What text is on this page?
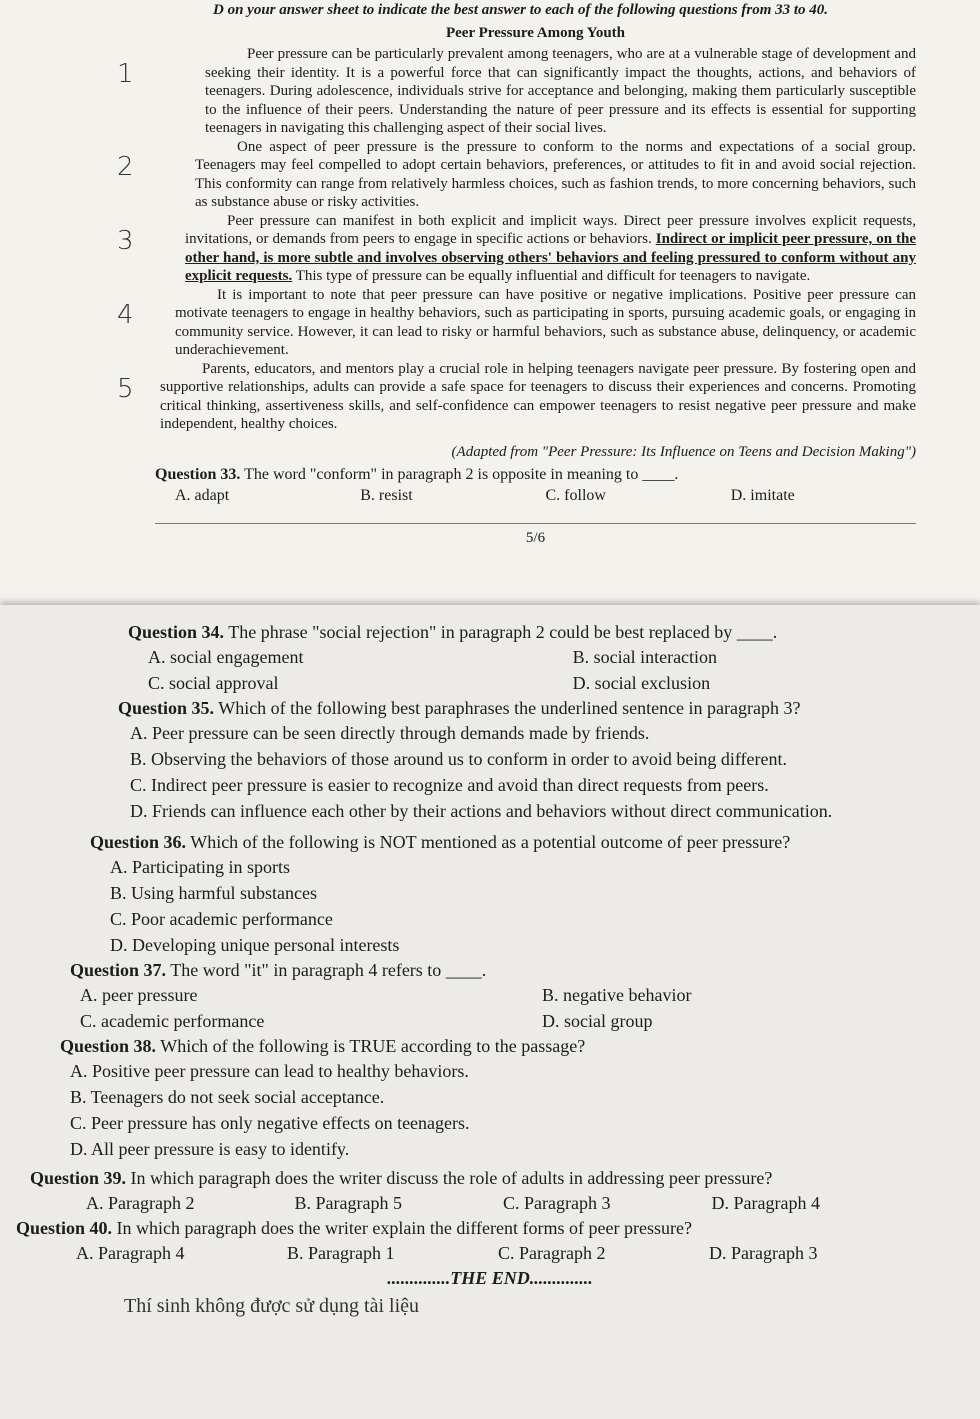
D on your answer sheet to indicate the best answer to each of the following questions from 33 to 40.

Peer Pressure Among Youth

1
Peer pressure can be particularly prevalent among teenagers, who are at a vulnerable stage of development and seeking their identity. It is a powerful force that can significantly impact the thoughts, actions, and behaviors of teenagers. During adolescence, individuals strive for acceptance and belonging, making them particularly susceptible to the influence of their peers. Understanding the nature of peer pressure and its effects is essential for supporting teenagers in navigating this challenging aspect of their social lives.

2
One aspect of peer pressure is the pressure to conform to the norms and expectations of a social group. Teenagers may feel compelled to adopt certain behaviors, preferences, or attitudes to fit in and avoid social rejection. This conformity can range from relatively harmless choices, such as fashion trends, to more concerning behaviors, such as substance abuse or risky activities.

3
Peer pressure can manifest in both explicit and implicit ways. Direct peer pressure involves explicit requests, invitations, or demands from peers to engage in specific actions or behaviors. Indirect or implicit peer pressure, on the other hand, is more subtle and involves observing others' behaviors and feeling pressured to conform without any explicit requests. This type of pressure can be equally influential and difficult for teenagers to navigate.

4
It is important to note that peer pressure can have positive or negative implications. Positive peer pressure can motivate teenagers to engage in healthy behaviors, such as participating in sports, pursuing academic goals, or engaging in community service. However, it can lead to risky or harmful behaviors, such as substance abuse, delinquency, or academic underachievement.

5
Parents, educators, and mentors play a crucial role in helping teenagers navigate peer pressure. By fostering open and supportive relationships, adults can provide a safe space for teenagers to discuss their experiences and concerns. Promoting critical thinking, assertiveness skills, and self-confidence can empower teenagers to resist negative peer pressure and make independent, healthy choices.

(Adapted from "Peer Pressure: Its Influence on Teens and Decision Making")

Question 33. The word "conform" in paragraph 2 is opposite in meaning to ____.

A. adapt	B. resist	C. follow	D. imitate
5/6

Question 34. The phrase "social rejection" in paragraph 2 could be best replaced by ____.

A. social engagement	B. social interaction
C. social approval	D. social exclusion

Question 35. Which of the following best paraphrases the underlined sentence in paragraph 3?

A. Peer pressure can be seen directly through demands made by friends.
B. Observing the behaviors of those around us to conform in order to avoid being different.
C. Indirect peer pressure is easier to recognize and avoid than direct requests from peers.
D. Friends can influence each other by their actions and behaviors without direct communication.

Question 36. Which of the following is NOT mentioned as a potential outcome of peer pressure?

A. Participating in sports
B. Using harmful substances
C. Poor academic performance
D. Developing unique personal interests

Question 37. The word "it" in paragraph 4 refers to ____.

A. peer pressure	B. negative behavior
C. academic performance	D. social group

Question 38. Which of the following is TRUE according to the passage?

A. Positive peer pressure can lead to healthy behaviors.
B. Teenagers do not seek social acceptance.
C. Peer pressure has only negative effects on teenagers.
D. All peer pressure is easy to identify.

Question 39. In which paragraph does the writer discuss the role of adults in addressing peer pressure?

A. Paragraph 2	B. Paragraph 5	C. Paragraph 3	D. Paragraph 4

Question 40. In which paragraph does the writer explain the different forms of peer pressure?

A. Paragraph 4	B. Paragraph 1	C. Paragraph 2	D. Paragraph 3
..............THE END..............
Thí sinh không được sử dụng tài liệu
